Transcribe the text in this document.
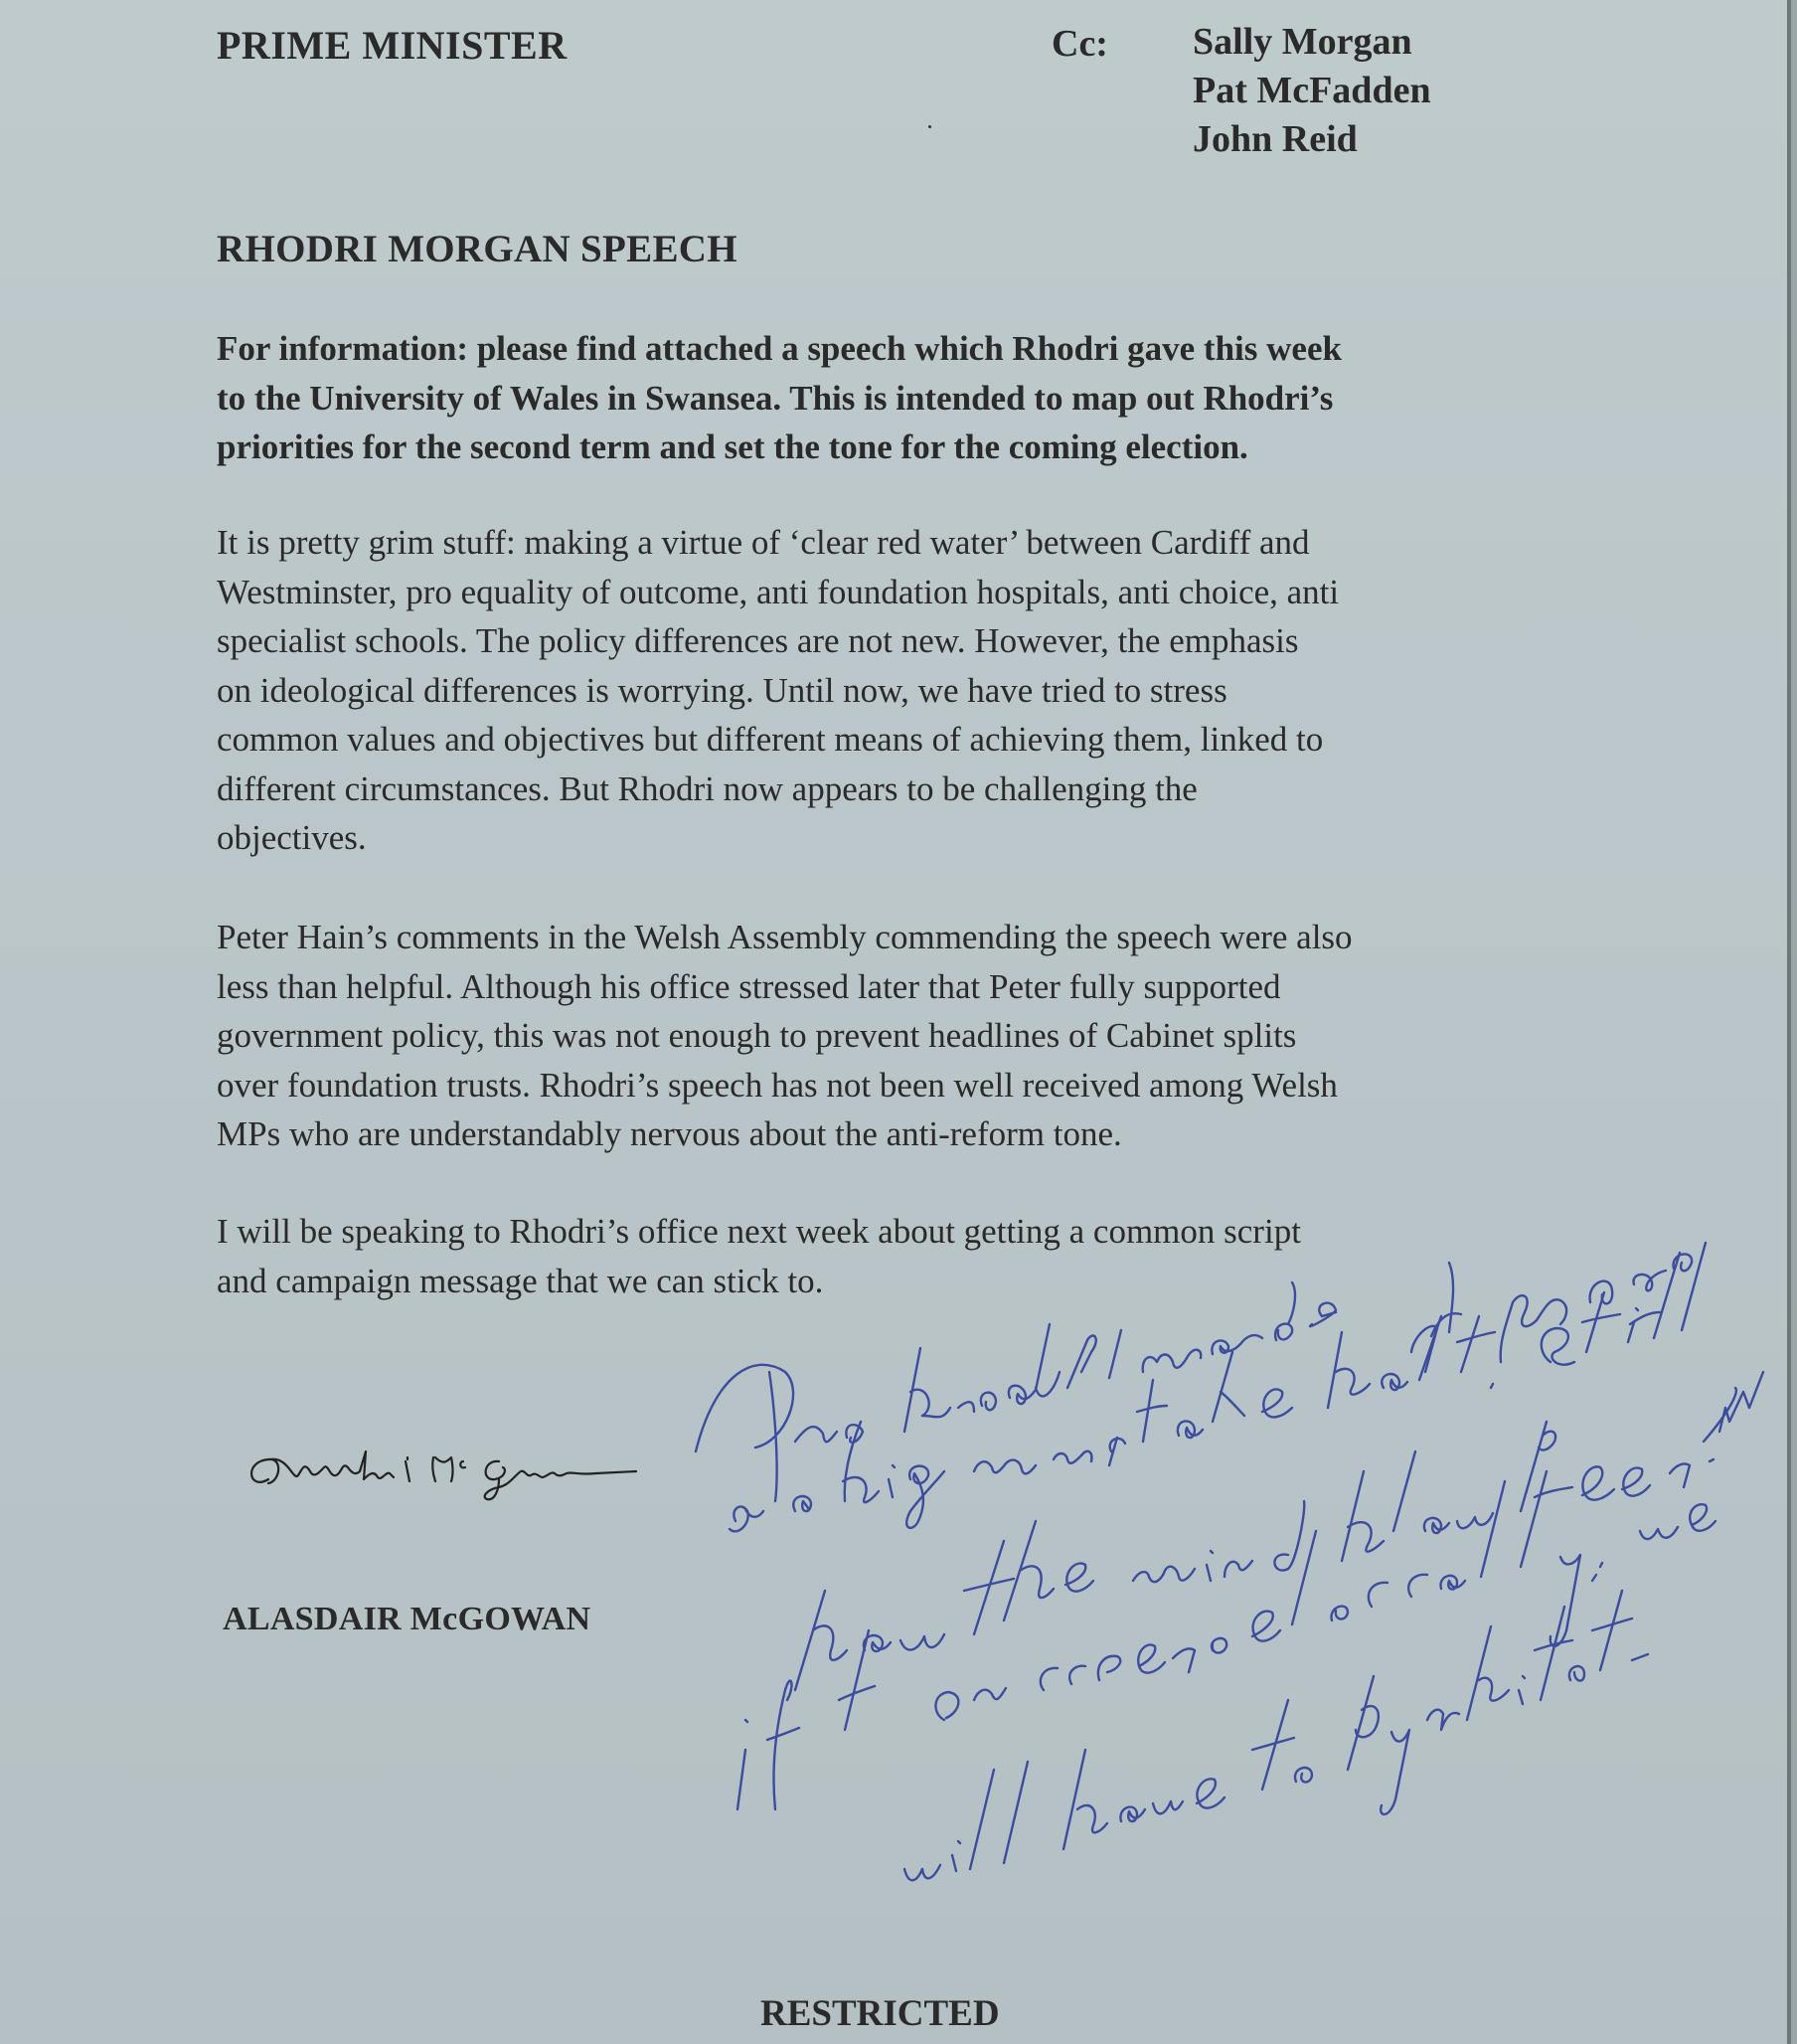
PRIME MINISTER	Cc: Sally Morgan
Pat McFadden
John Reid
RHODRI MORGAN SPEECH
For information: please find attached a speech which Rhodri gave this week
to the University of Wales in Swansea. This is intended to map out Rhodri’s
priorities for the second term and set the tone for the coming election.
It is pretty grim stuff: making a virtue of ‘clear red water’ between Cardiff and
Westminster, pro equality of outcome, anti foundation hospitals, anti choice, anti
specialist schools. The policy differences are not new. However, the emphasis
on ideological differences is worrying. Until now, we have tried to stress
common values and objectives but different means of achieving them, linked to
different circumstances. But Rhodri now appears to be challenging the
objectives.
Peter Hain’s comments in the Welsh Assembly commending the speech were also
less than helpful. Although his office stressed later that Peter fully supported
government policy, this was not enough to prevent headlines of Cabinet splits
over foundation trusts. Rhodri’s speech has not been well received among Welsh
MPs who are understandably nervous about the anti-reform tone.
I will be speaking to Rhodri’s office next week about getting a common script
and campaign message that we can stick to.
ALASDAIR McGOWAN
RESTRICTED
